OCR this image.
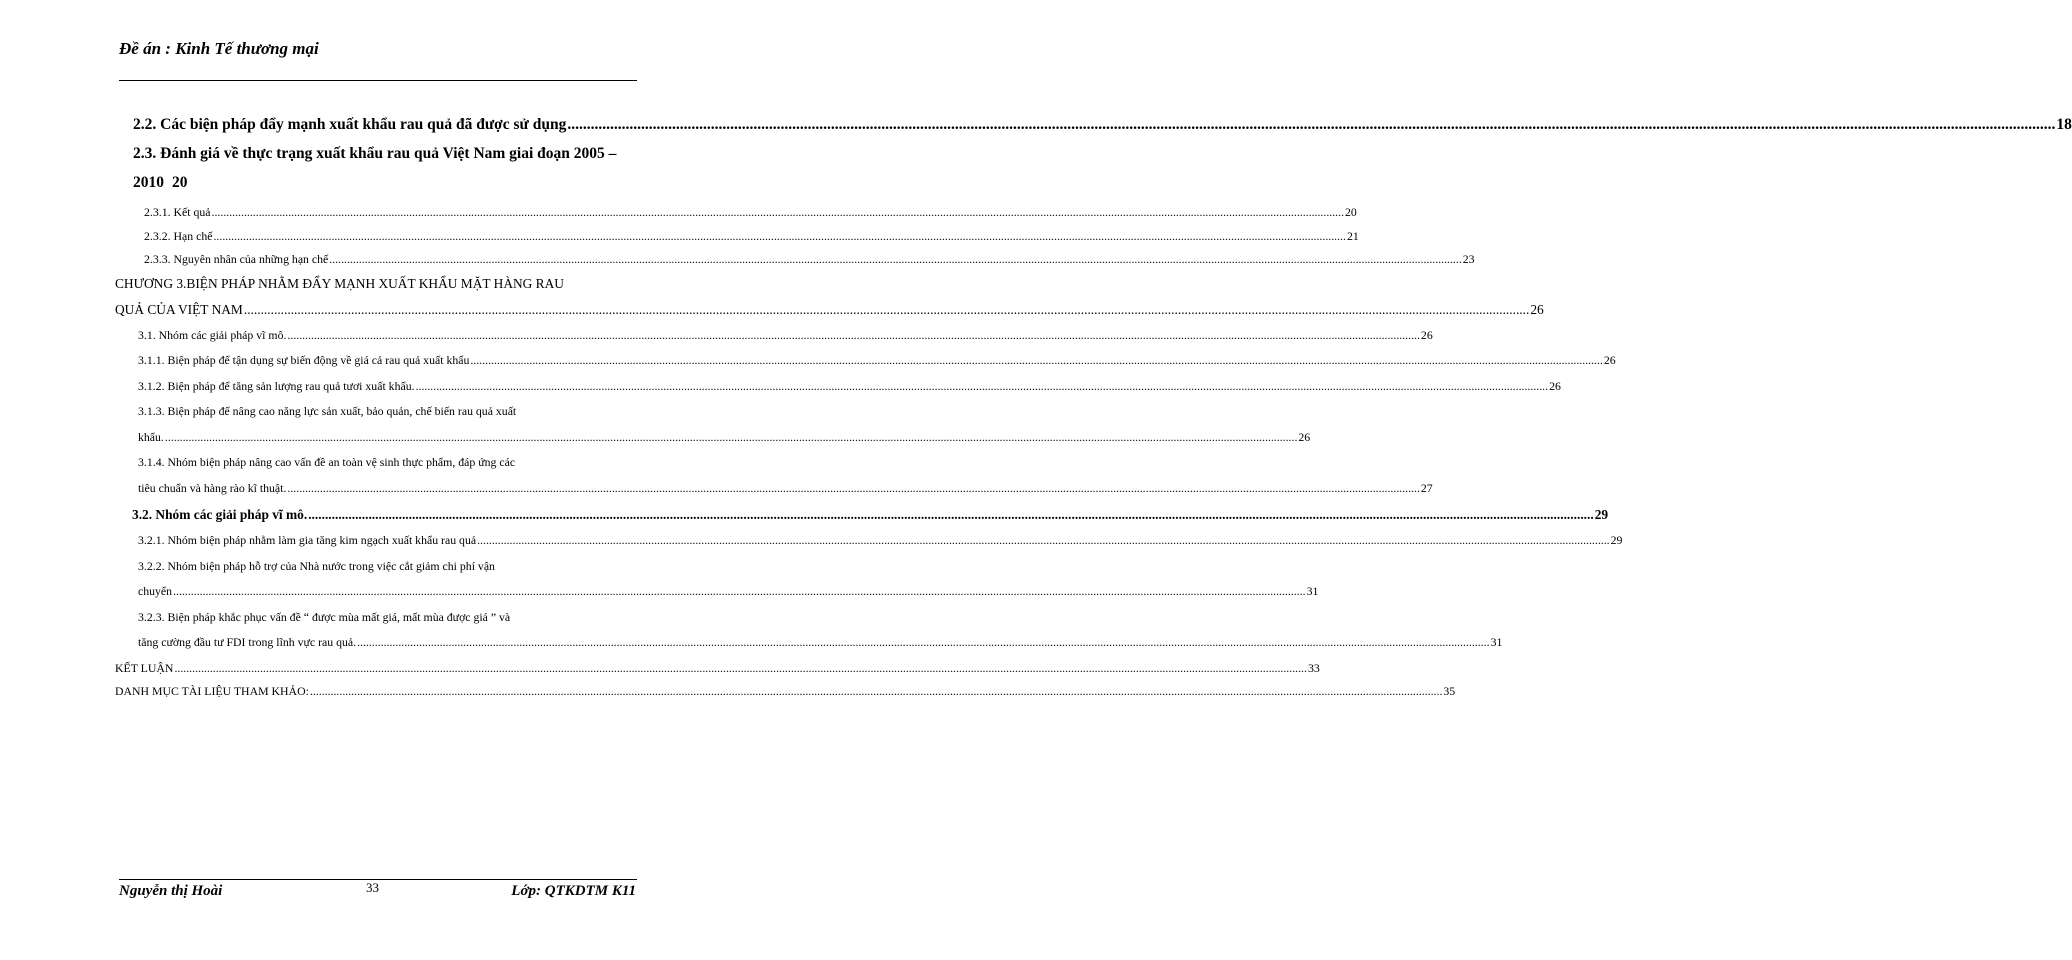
Đề án : Kinh Tế thương mại
2.2. Các biện pháp đẩy mạnh xuất khẩu rau quả đã được sử dụng .....	18
2.3. Đánh giá về thực trạng xuất khẩu rau quả Việt Nam giai đoạn 2005 –
2010 20
2.3.1. Kết quả .....	20
2.3.2. Hạn chế .....	21
2.3.3. Nguyên nhân của những hạn chế .....	23
CHƯƠNG 3.BIỆN PHÁP NHẰM ĐẨY MẠNH XUẤT KHẨU MẶT HÀNG RAU
QUẢ CỦA VIỆT NAM .....	26
3.1. Nhóm các giải pháp vĩ mô. .....	26
3.1.1. Biện pháp để tận dụng sự biến động về giá cả rau quả xuất khẩu .....	26
3.1.2. Biện pháp để tăng sản lượng rau quả tươi xuất khẩu. .....	26
3.1.3. Biện pháp để nâng cao năng lực sản xuất, bảo quản, chế biến rau quả xuất
khẩu. .....	26
3.1.4. Nhóm biện pháp nâng cao vấn đề an toàn vệ sinh thực phẩm, đáp ứng các
tiêu chuẩn và hàng rào kĩ thuật. .....	27
3.2. Nhóm các giải pháp vĩ mô. .....	29
3.2.1. Nhóm biện pháp nhằm làm gia tăng kim ngạch xuất khẩu rau quả .....	29
3.2.2. Nhóm biện pháp hỗ trợ của Nhà nước trong việc cắt giảm chi phí vận
chuyển .....	31
3.2.3. Biện pháp khắc phục vấn đề “ được mùa mất giá, mất mùa được giá ” và
tăng cường đầu tư FDI trong lĩnh vực rau quả. .....	31
KẾT LUẬN .....	33
DANH MỤC TÀI LIỆU THAM KHẢO: .....	35
Nguyễn thị Hoài	33	Lớp: QTKDTM K11
